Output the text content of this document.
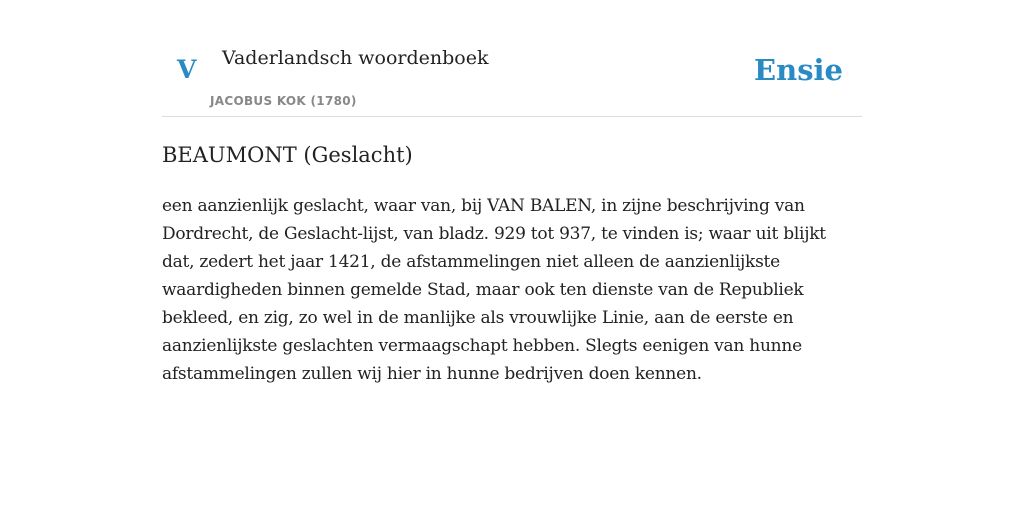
V Vaderlandsch woordenboek
JACOBUS KOK (1780)
Ensie
BEAUMONT (Geslacht)
een aanzienlijk geslacht, waar van, bij VAN BALEN, in zijne beschrijving van
Dordrecht, de Geslacht-lijst, van bladz. 929 tot 937, te vinden is; waar uit blijkt
dat, zedert het jaar 1421, de afstammelingen niet alleen de aanzienlijkste
waardigheden binnen gemelde Stad, maar ook ten dienste van de Republiek
bekleed, en zig, zo wel in de manlijke als vrouwlijke Linie, aan de eerste en
aanzienlijkste geslachten vermaagschapt hebben. Slegts eenigen van hunne
afstammelingen zullen wij hier in hunne bedrijven doen kennen.
